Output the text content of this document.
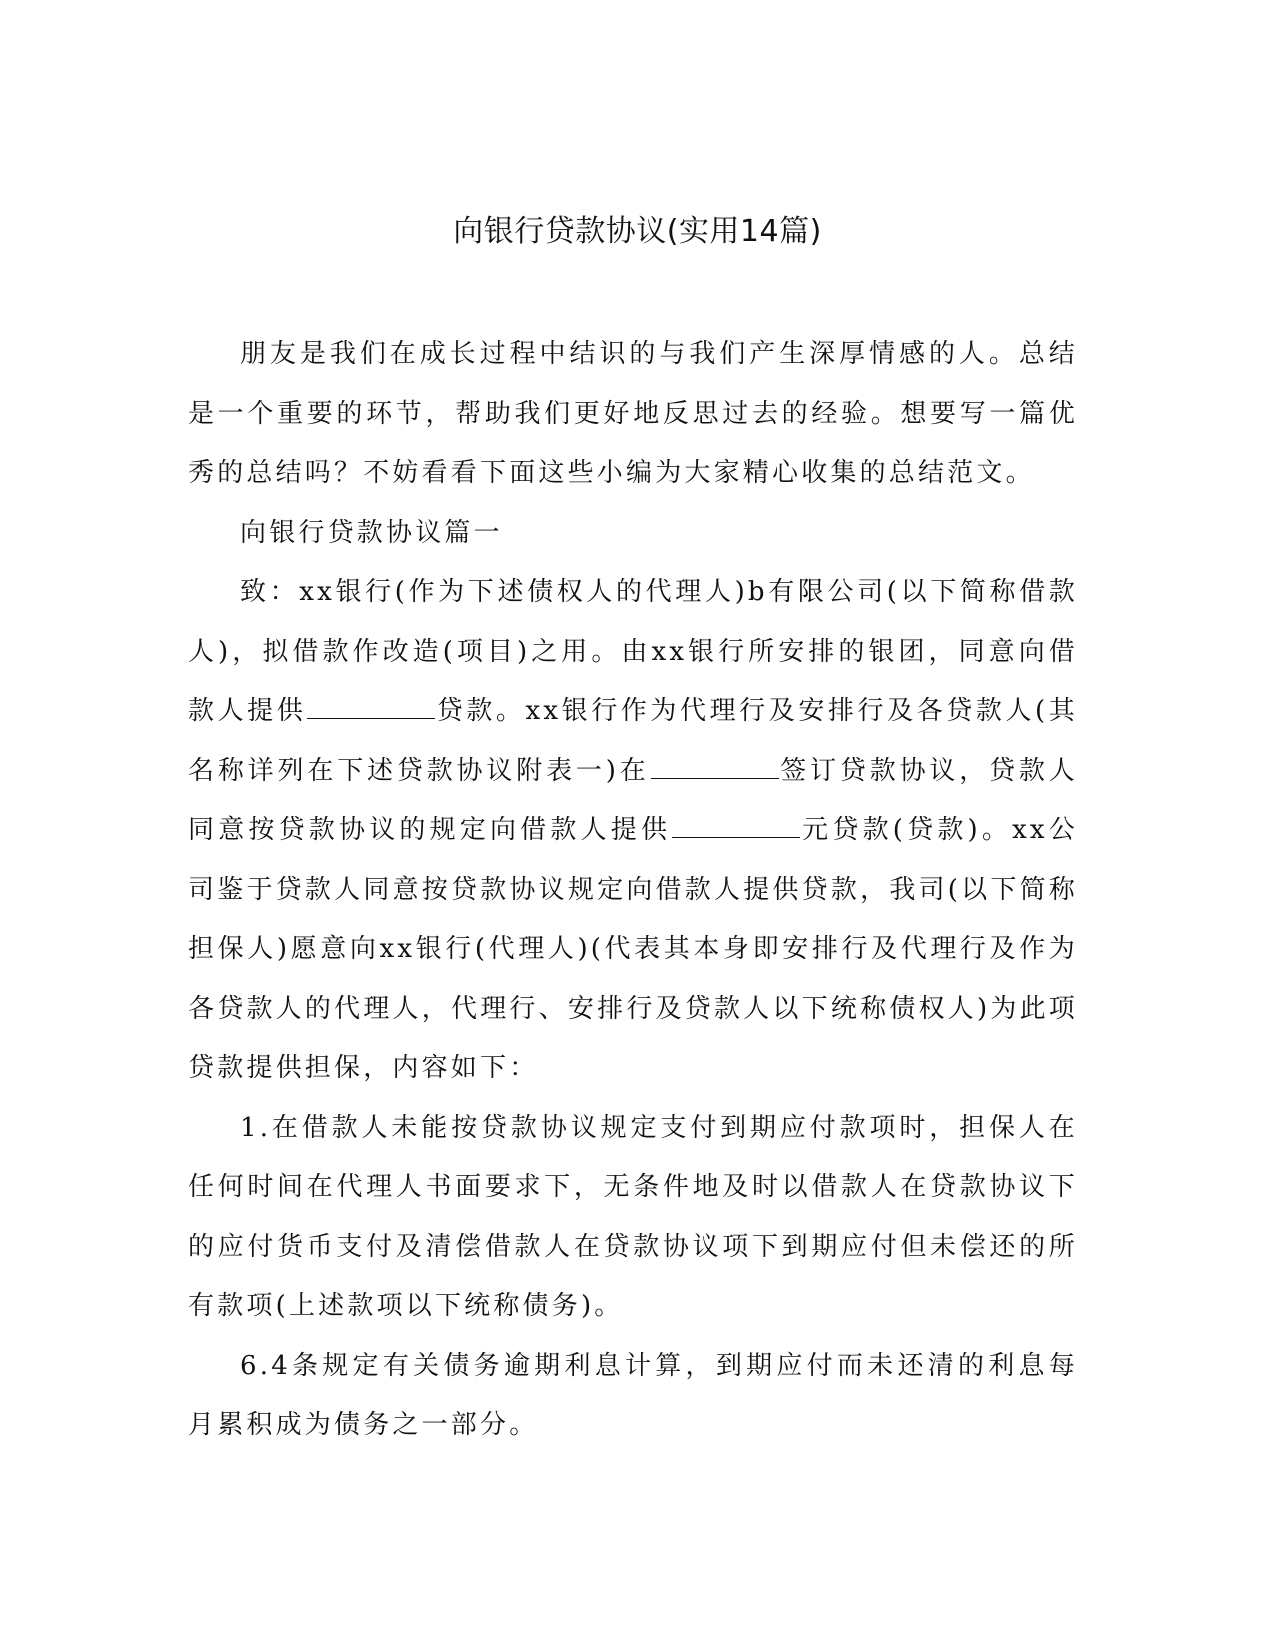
向银行贷款协议(实用14篇)

朋友是我们在成长过程中结识的与我们产生深厚情感的人。总结是一个重要的环节，帮助我们更好地反思过去的经验。想要写一篇优秀的总结吗？不妨看看下面这些小编为大家精心收集的总结范文。

向银行贷款协议篇一

致：xx银行(作为下述债权人的代理人)b有限公司(以下简称借款人)，拟借款作改造(项目)之用。由xx银行所安排的银团，同意向借款人提供	贷款。xx银行作为代理行及安排行及各贷款人(其名称详列在下述贷款协议附表一)在	签订贷款协议，贷款人同意按贷款协议的规定向借款人提供	元贷款(贷款)。xx公司鉴于贷款人同意按贷款协议规定向借款人提供贷款，我司(以下简称担保人)愿意向xx银行(代理人)(代表其本身即安排行及代理行及作为各贷款人的代理人，代理行、安排行及贷款人以下统称债权人)为此项贷款提供担保，内容如下：

1.在借款人未能按贷款协议规定支付到期应付款项时，担保人在任何时间在代理人书面要求下，无条件地及时以借款人在贷款协议下的应付货币支付及清偿借款人在贷款协议项下到期应付但未偿还的所有款项(上述款项以下统称债务)。

6.4条规定有关债务逾期利息计算，到期应付而未还清的利息每月累积成为债务之一部分。
